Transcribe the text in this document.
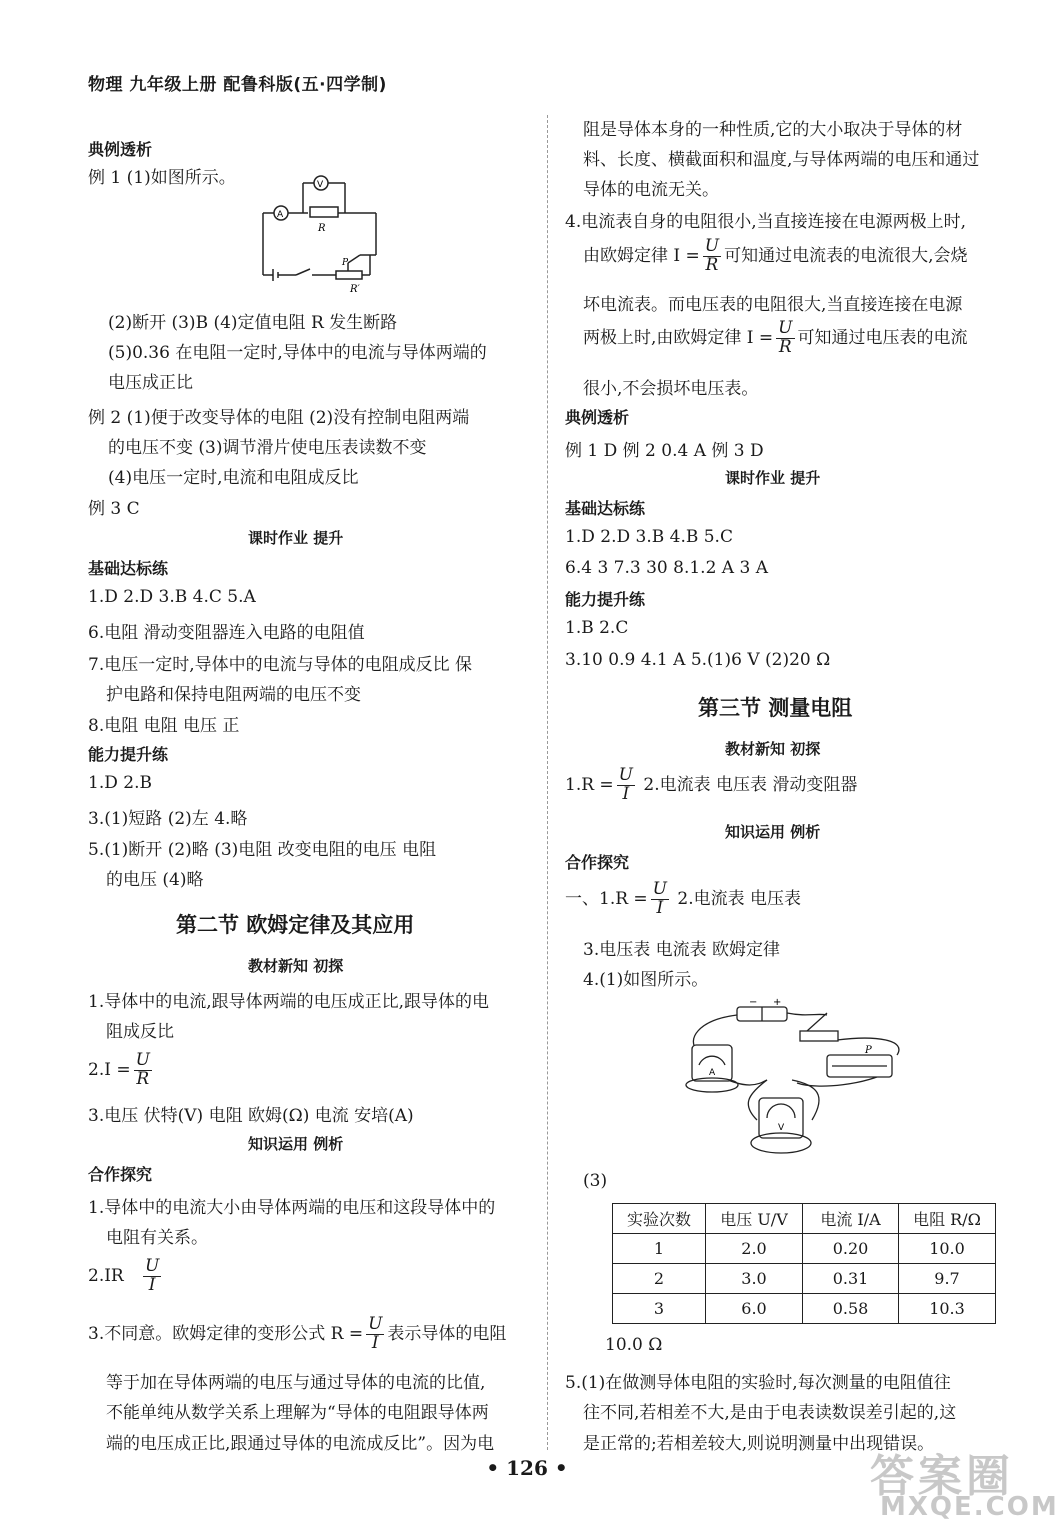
物理 九年级上册 配鲁科版(五·四学制)
典例透析
例 1 (1)如图所示。
A
V
R
P
R′
(2)断开 (3)B (4)定值电阻 R 发生断路
(5)0.36 在电阻一定时,导体中的电流与导体两端的
电压成正比
例 2 (1)便于改变导体的电阻 (2)没有控制电阻两端
的电压不变 (3)调节滑片使电压表读数不变
(4)电压一定时,电流和电阻成反比
例 3 C
课时作业 提升
基础达标练
1.D 2.D 3.B 4.C 5.A
6.电阻 滑动变阻器连入电路的电阻值
7.电压一定时,导体中的电流与导体的电阻成反比 保
护电路和保持电阻两端的电压不变
8.电阻 电阻 电压 正
能力提升练
1.D 2.B
3.(1)短路 (2)左 4.略
5.(1)断开 (2)略 (3)电阻 改变电阻的电压 电阻
的电压 (4)略
第二节 欧姆定律及其应用
教材新知 初探
1.导体中的电流,跟导体两端的电压成正比,跟导体的电
阻成反比
$2.I = \frac{U}{R}$
3.电压 伏特(V) 电阻 欧姆(Ω) 电流 安培(A)
知识运用 例析
合作探究
1.导体中的电流大小由导体两端的电压和这段导体中的
电阻有关系。
$2.IR \frac{U}{I}$
3.不同意。欧姆定律的变形公式 $R = \frac{U}{I}$ 表示导体的电阻
等于加在导体两端的电压与通过导体的电流的比值,
不能单纯从数学关系上理解为“导体的电阻跟导体两
端的电压成正比,跟通过导体的电流成反比”。因为电
阻是导体本身的一种性质,它的大小取决于导体的材
料、长度、横截面积和温度,与导体两端的电压和通过
导体的电流无关。
4.电流表自身的电阻很小,当直接连接在电源两极上时,
由欧姆定律 $I = \frac{U}{R}$ 可知通过电流表的电流很大,会烧
坏电流表。而电压表的电阻很大,当直接连接在电源
两极上时,由欧姆定律 $I = \frac{U}{R}$ 可知通过电压表的电流
很小,不会损坏电压表。
典例透析
例 1 D 例 2 0.4 A 例 3 D
课时作业 提升
基础达标练
1.D 2.D 3.B 4.B 5.C
6.4 3 7.3 30 8.1.2 A 3 A
能力提升练
1.B 2.C
3.10 0.9 4.1 A 5.(1)6 V (2)20 Ω
第三节 测量电阻
教材新知 初探
$1.R = \frac{U}{I} 2$.电流表 电压表 滑动变阻器
知识运用 例析
合作探究
一、$1.R = \frac{U}{I} 2$.电流表 电压表
3.电压表 电流表 欧姆定律
4.(1)如图所示。
− +
A
V
P
(3)
实验次数	电压 U/V	电流 I/A	电阻 R/Ω
1	2.0	0.20	10.0
2	3.0	0.31	9.7
3	6.0	0.58	10.3
10.0 Ω
5.(1)在做测导体电阻的实验时,每次测量的电阻值往
往不同,若相差不大,是由于电表读数误差引起的,这
是正常的;若相差较大,则说明测量中出现错误。
• 126 •	答案圈
MXQE.COM
